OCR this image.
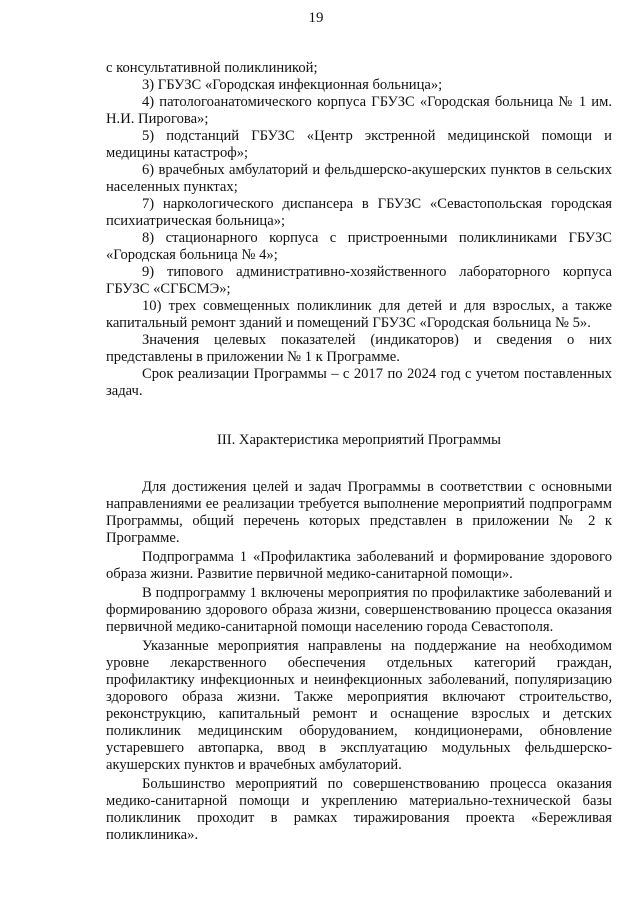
19

с консультативной поликлиникой;

3) ГБУЗС «Городская инфекционная больница»;

4) патологоанатомического корпуса ГБУЗС «Городская больница № 1 им. Н.И. Пирогова»;

5) подстанций ГБУЗС «Центр экстренной медицинской помощи и медицины катастроф»;

6) врачебных амбулаторий и фельдшерско-акушерских пунктов в сельских населенных пунктах;

7) наркологического диспансера в ГБУЗС «Севастопольская городская психиатрическая больница»;

8) стационарного корпуса с пристроенными поликлиниками ГБУЗС «Городская больница № 4»;

9) типового административно-хозяйственного лабораторного корпуса ГБУЗС «СГБСМЭ»;

10) трех совмещенных поликлиник для детей и для взрослых, а также капитальный ремонт зданий и помещений ГБУЗС «Городская больница № 5».

Значения целевых показателей (индикаторов) и сведения о них представлены в приложении № 1 к Программе.

Срок реализации Программы – с 2017 по 2024 год с учетом поставленных задач.

III. Характеристика мероприятий Программы

Для достижения целей и задач Программы в соответствии с основными направлениями ее реализации требуется выполнение мероприятий подпрограмм Программы, общий перечень которых представлен в приложении № 2 к Программе.

Подпрограмма 1 «Профилактика заболеваний и формирование здорового образа жизни. Развитие первичной медико-санитарной помощи».

В подпрограмму 1 включены мероприятия по профилактике заболеваний и формированию здорового образа жизни, совершенствованию процесса оказания первичной медико-санитарной помощи населению города Севастополя.

Указанные мероприятия направлены на поддержание на необходимом уровне лекарственного обеспечения отдельных категорий граждан, профилактику инфекционных и неинфекционных заболеваний, популяризацию здорового образа жизни. Также мероприятия включают строительство, реконструкцию, капитальный ремонт и оснащение взрослых и детских поликлиник медицинским оборудованием, кондиционерами, обновление устаревшего автопарка, ввод в эксплуатацию модульных фельдшерско-акушерских пунктов и врачебных амбулаторий.

Большинство мероприятий по совершенствованию процесса оказания медико-санитарной помощи и укреплению материально-технической базы поликлиник проходит в рамках тиражирования проекта «Бережливая поликлиника».
